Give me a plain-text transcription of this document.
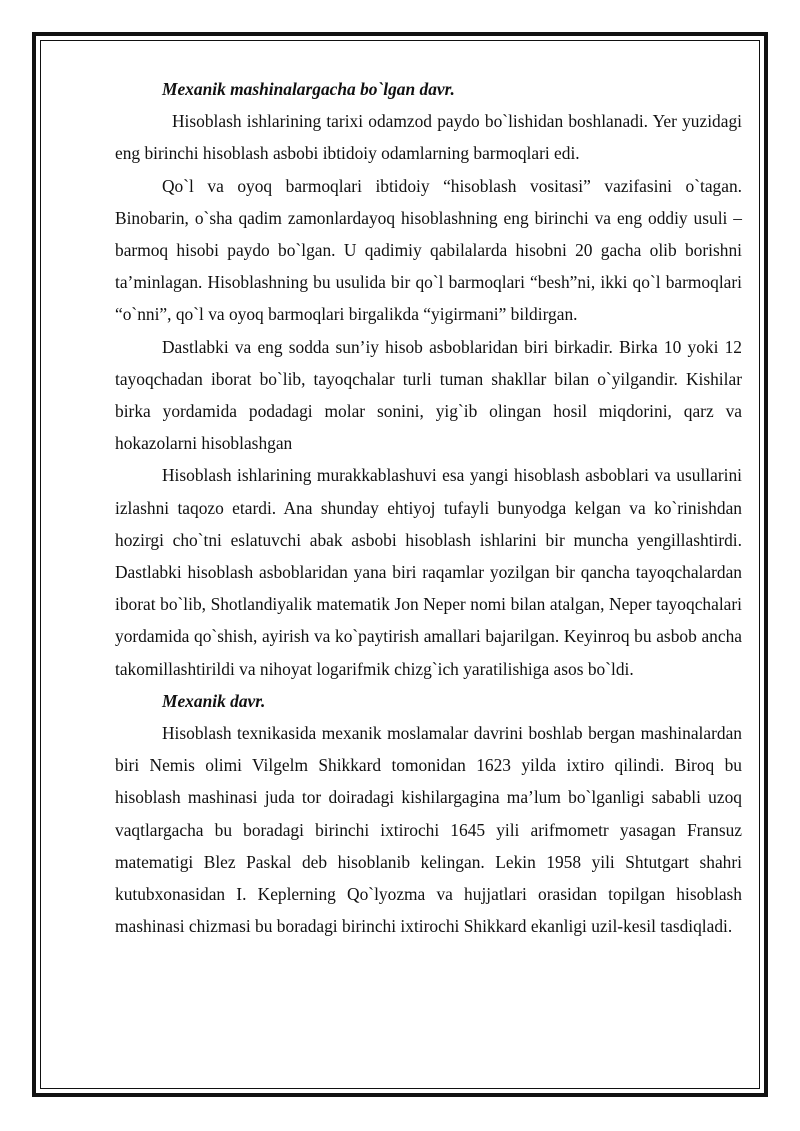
Mexanik mashinalargacha bo`lgan davr.

Hisoblash ishlarining tarixi odamzod paydo bo`lishidan boshlanadi. Yer yuzidagi eng birinchi hisoblash asbobi ibtidoiy odamlarning barmoqlari edi.

Qo`l va oyoq barmoqlari ibtidoiy “hisoblash vositasi” vazifasini o`tagan. Binobarin, o`sha qadim zamonlardayoq hisoblashning eng birinchi va eng oddiy usuli – barmoq hisobi paydo bo`lgan. U qadimiy qabilalarda hisobni 20 gacha olib borishni ta’minlagan. Hisoblashning bu usulida bir qo`l barmoqlari “besh”ni, ikki qo`l barmoqlari “o`nni”, qo`l va oyoq barmoqlari birgalikda “yigirmani” bildirgan.

Dastlabki va eng sodda sun’iy hisob asboblaridan biri birkadir. Birka 10 yoki 12 tayoqchadan iborat bo`lib, tayoqchalar turli tuman shakllar bilan o`yilgandir. Kishilar birka yordamida podadagi molar sonini, yig`ib olingan hosil miqdorini, qarz va hokazolarni hisoblashgan

Hisoblash ishlarining murakkablashuvi esa yangi hisoblash asboblari va usullarini izlashni taqozo etardi. Ana shunday ehtiyoj tufayli bunyodga kelgan va ko`rinishdan hozirgi cho`tni eslatuvchi abak asbobi hisoblash ishlarini bir muncha yengillashtirdi. Dastlabki hisoblash asboblaridan yana biri raqamlar yozilgan bir qancha tayoqchalardan iborat bo`lib, Shotlandiyalik matematik Jon Neper nomi bilan atalgan, Neper tayoqchalari yordamida qo`shish, ayirish va ko`paytirish amallari bajarilgan. Keyinroq bu asbob ancha takomillashtirildi va nihoyat logarifmik chizg`ich yaratilishiga asos bo`ldi.

Mexanik davr.

Hisoblash texnikasida mexanik moslamalar davrini boshlab bergan mashinalardan biri Nemis olimi Vilgelm Shikkard tomonidan 1623 yilda ixtiro qilindi. Biroq bu hisoblash mashinasi juda tor doiradagi kishilargagina ma’lum bo`lganligi sababli uzoq vaqtlargacha bu boradagi birinchi ixtirochi 1645 yili arifmometr yasagan Fransuz matematigi Blez Paskal deb hisoblanib kelingan. Lekin 1958 yili Shtutgart shahri kutubxonasidan I. Keplerning Qo`lyozma va hujjatlari orasidan topilgan hisoblash mashinasi chizmasi bu boradagi birinchi ixtirochi Shikkard ekanligi uzil-kesil tasdiqladi.
